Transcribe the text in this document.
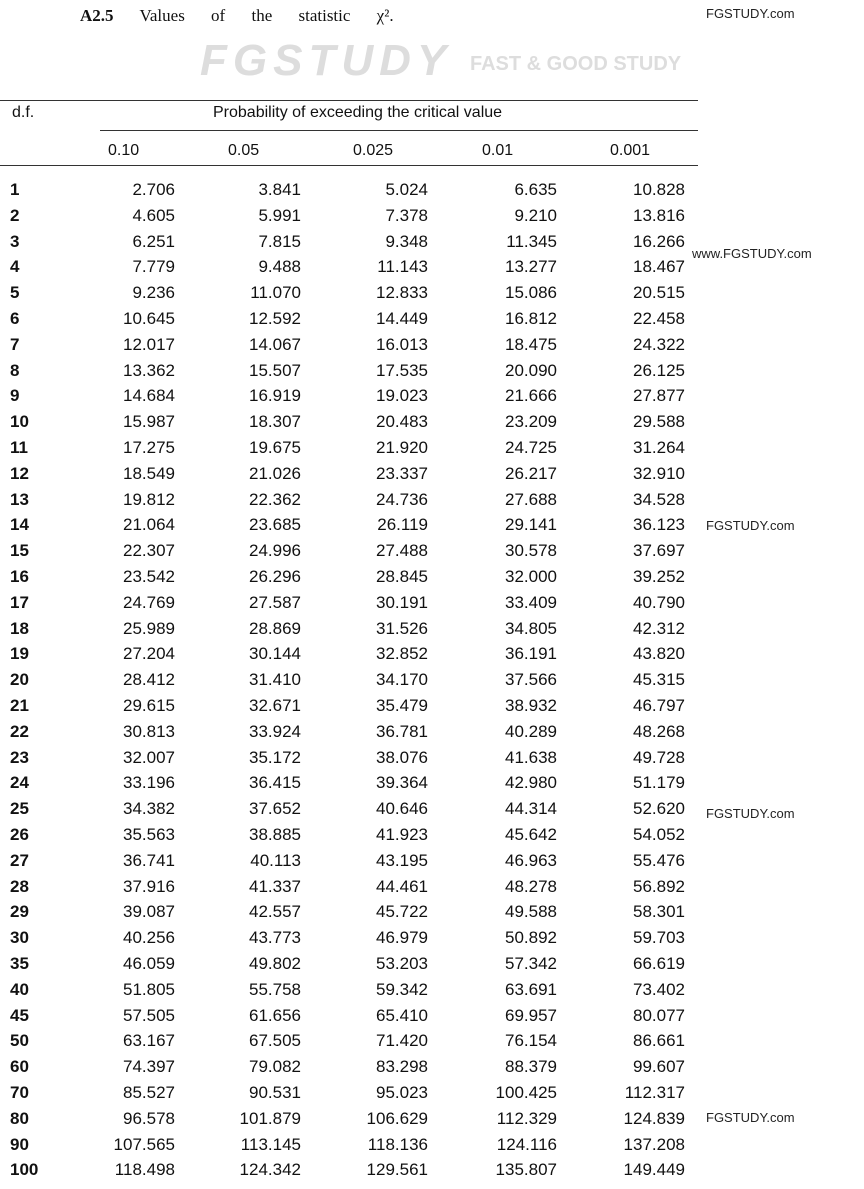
FGSTUDY FAST & GOOD STUDY
A2.5 Values of the statistic χ².
d.f.	Probability of exceeding the critical value
0.10	0.05	0.025	0.01	0.001
1	2.706	3.841	5.024	6.635	10.828
2	4.605	5.991	7.378	9.210	13.816
3	6.251	7.815	9.348	11.345	16.266
4	7.779	9.488	11.143	13.277	18.467
5	9.236	11.070	12.833	15.086	20.515
6	10.645	12.592	14.449	16.812	22.458
7	12.017	14.067	16.013	18.475	24.322
8	13.362	15.507	17.535	20.090	26.125
9	14.684	16.919	19.023	21.666	27.877
10	15.987	18.307	20.483	23.209	29.588
11	17.275	19.675	21.920	24.725	31.264
12	18.549	21.026	23.337	26.217	32.910
13	19.812	22.362	24.736	27.688	34.528
14	21.064	23.685	26.119	29.141	36.123
15	22.307	24.996	27.488	30.578	37.697
16	23.542	26.296	28.845	32.000	39.252
17	24.769	27.587	30.191	33.409	40.790
18	25.989	28.869	31.526	34.805	42.312
19	27.204	30.144	32.852	36.191	43.820
20	28.412	31.410	34.170	37.566	45.315
21	29.615	32.671	35.479	38.932	46.797
22	30.813	33.924	36.781	40.289	48.268
23	32.007	35.172	38.076	41.638	49.728
24	33.196	36.415	39.364	42.980	51.179
25	34.382	37.652	40.646	44.314	52.620
26	35.563	38.885	41.923	45.642	54.052
27	36.741	40.113	43.195	46.963	55.476
28	37.916	41.337	44.461	48.278	56.892
29	39.087	42.557	45.722	49.588	58.301
30	40.256	43.773	46.979	50.892	59.703
35	46.059	49.802	53.203	57.342	66.619
40	51.805	55.758	59.342	63.691	73.402
45	57.505	61.656	65.410	69.957	80.077
50	63.167	67.505	71.420	76.154	86.661
60	74.397	79.082	83.298	88.379	99.607
70	85.527	90.531	95.023	100.425	112.317
80	96.578	101.879	106.629	112.329	124.839
90	107.565	113.145	118.136	124.116	137.208
100	118.498	124.342	129.561	135.807	149.449
FGSTUDY.com
www.FGSTUDY.com
FGSTUDY.com
FGSTUDY.com
FGSTUDY.com
